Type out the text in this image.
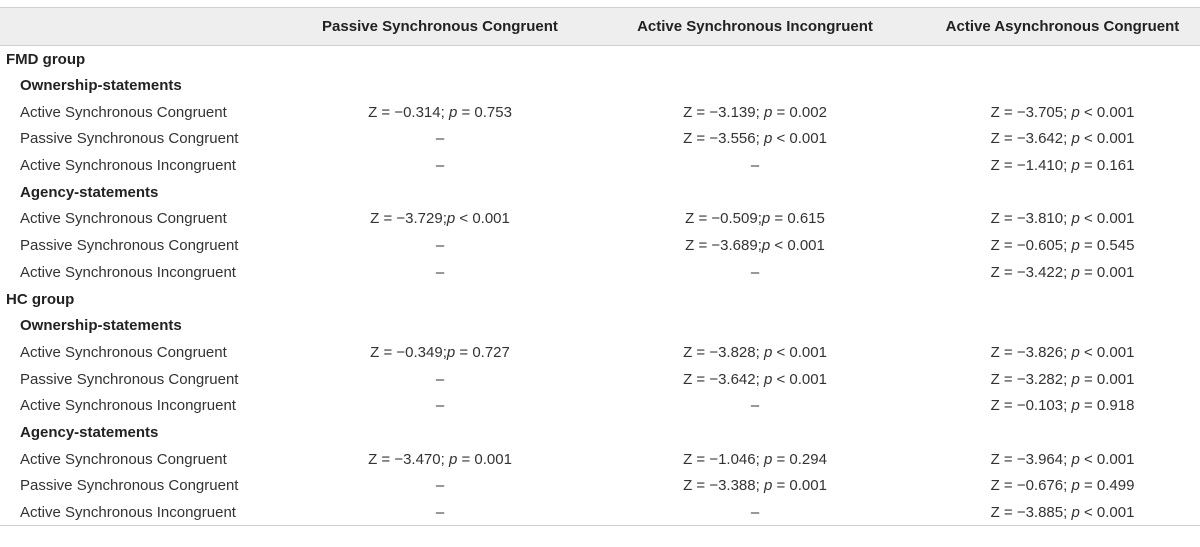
	Passive Synchronous Congruent	Active Synchronous Incongruent	Active Asynchronous Congruent
FMD group			
Ownership-statements			
Active Synchronous Congruent	Z = −0.314; p = 0.753	Z = −3.139; p = 0.002	Z = −3.705; p < 0.001
Passive Synchronous Congruent	–	Z = −3.556; p < 0.001	Z = −3.642; p < 0.001
Active Synchronous Incongruent	–	–	Z = −1.410; p = 0.161
Agency-statements			
Active Synchronous Congruent	Z = −3.729;p < 0.001	Z = −0.509;p = 0.615	Z = −3.810; p < 0.001
Passive Synchronous Congruent	–	Z = −3.689;p < 0.001	Z = −0.605; p = 0.545
Active Synchronous Incongruent	–	–	Z = −3.422; p = 0.001
HC group			
Ownership-statements			
Active Synchronous Congruent	Z = −0.349;p = 0.727	Z = −3.828; p < 0.001	Z = −3.826; p < 0.001
Passive Synchronous Congruent	–	Z = −3.642; p < 0.001	Z = −3.282; p = 0.001
Active Synchronous Incongruent	–	–	Z = −0.103; p = 0.918
Agency-statements			
Active Synchronous Congruent	Z = −3.470; p = 0.001	Z = −1.046; p = 0.294	Z = −3.964; p < 0.001
Passive Synchronous Congruent	–	Z = −3.388; p = 0.001	Z = −0.676; p = 0.499
Active Synchronous Incongruent	–	–	Z = −3.885; p < 0.001
